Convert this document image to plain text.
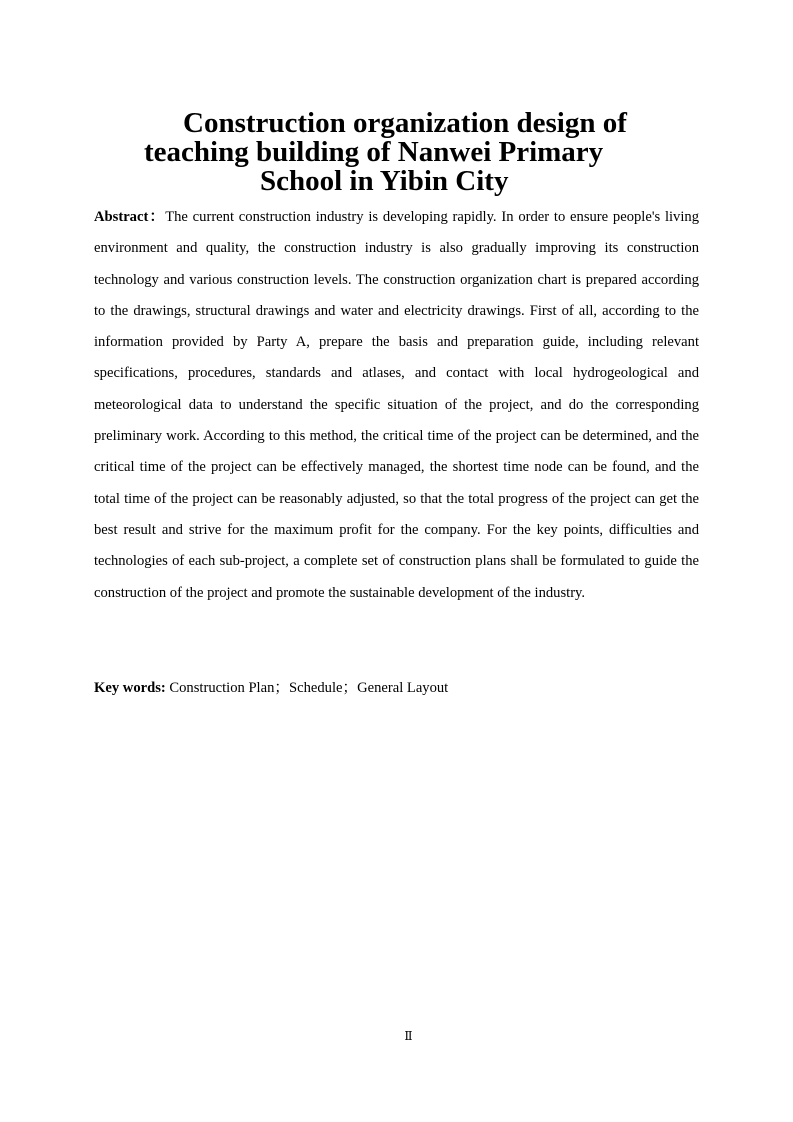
Construction organization design of
teaching building of Nanwei Primary
School in Yibin City

Abstract：The current construction industry is developing rapidly. In order to ensure people's living environment and quality, the construction industry is also gradually improving its construction technology and various construction levels. The construction organization chart is prepared according to the drawings, structural drawings and water and electricity drawings. First of all, according to the information provided by Party A, prepare the basis and preparation guide, including relevant specifications, procedures, standards and atlases, and contact with local hydrogeological and meteorological data to understand the specific situation of the project, and do the corresponding preliminary work. According to this method, the critical time of the project can be determined, and the critical time of the project can be effectively managed, the shortest time node can be found, and the total time of the project can be reasonably adjusted, so that the total progress of the project can get the best result and strive for the maximum profit for the company. For the key points, difficulties and technologies of each sub-project, a complete set of construction plans shall be formulated to guide the construction of the project and promote the sustainable development of the industry.

Key words: Construction Plan；Schedule；General Layout

Ⅱ
